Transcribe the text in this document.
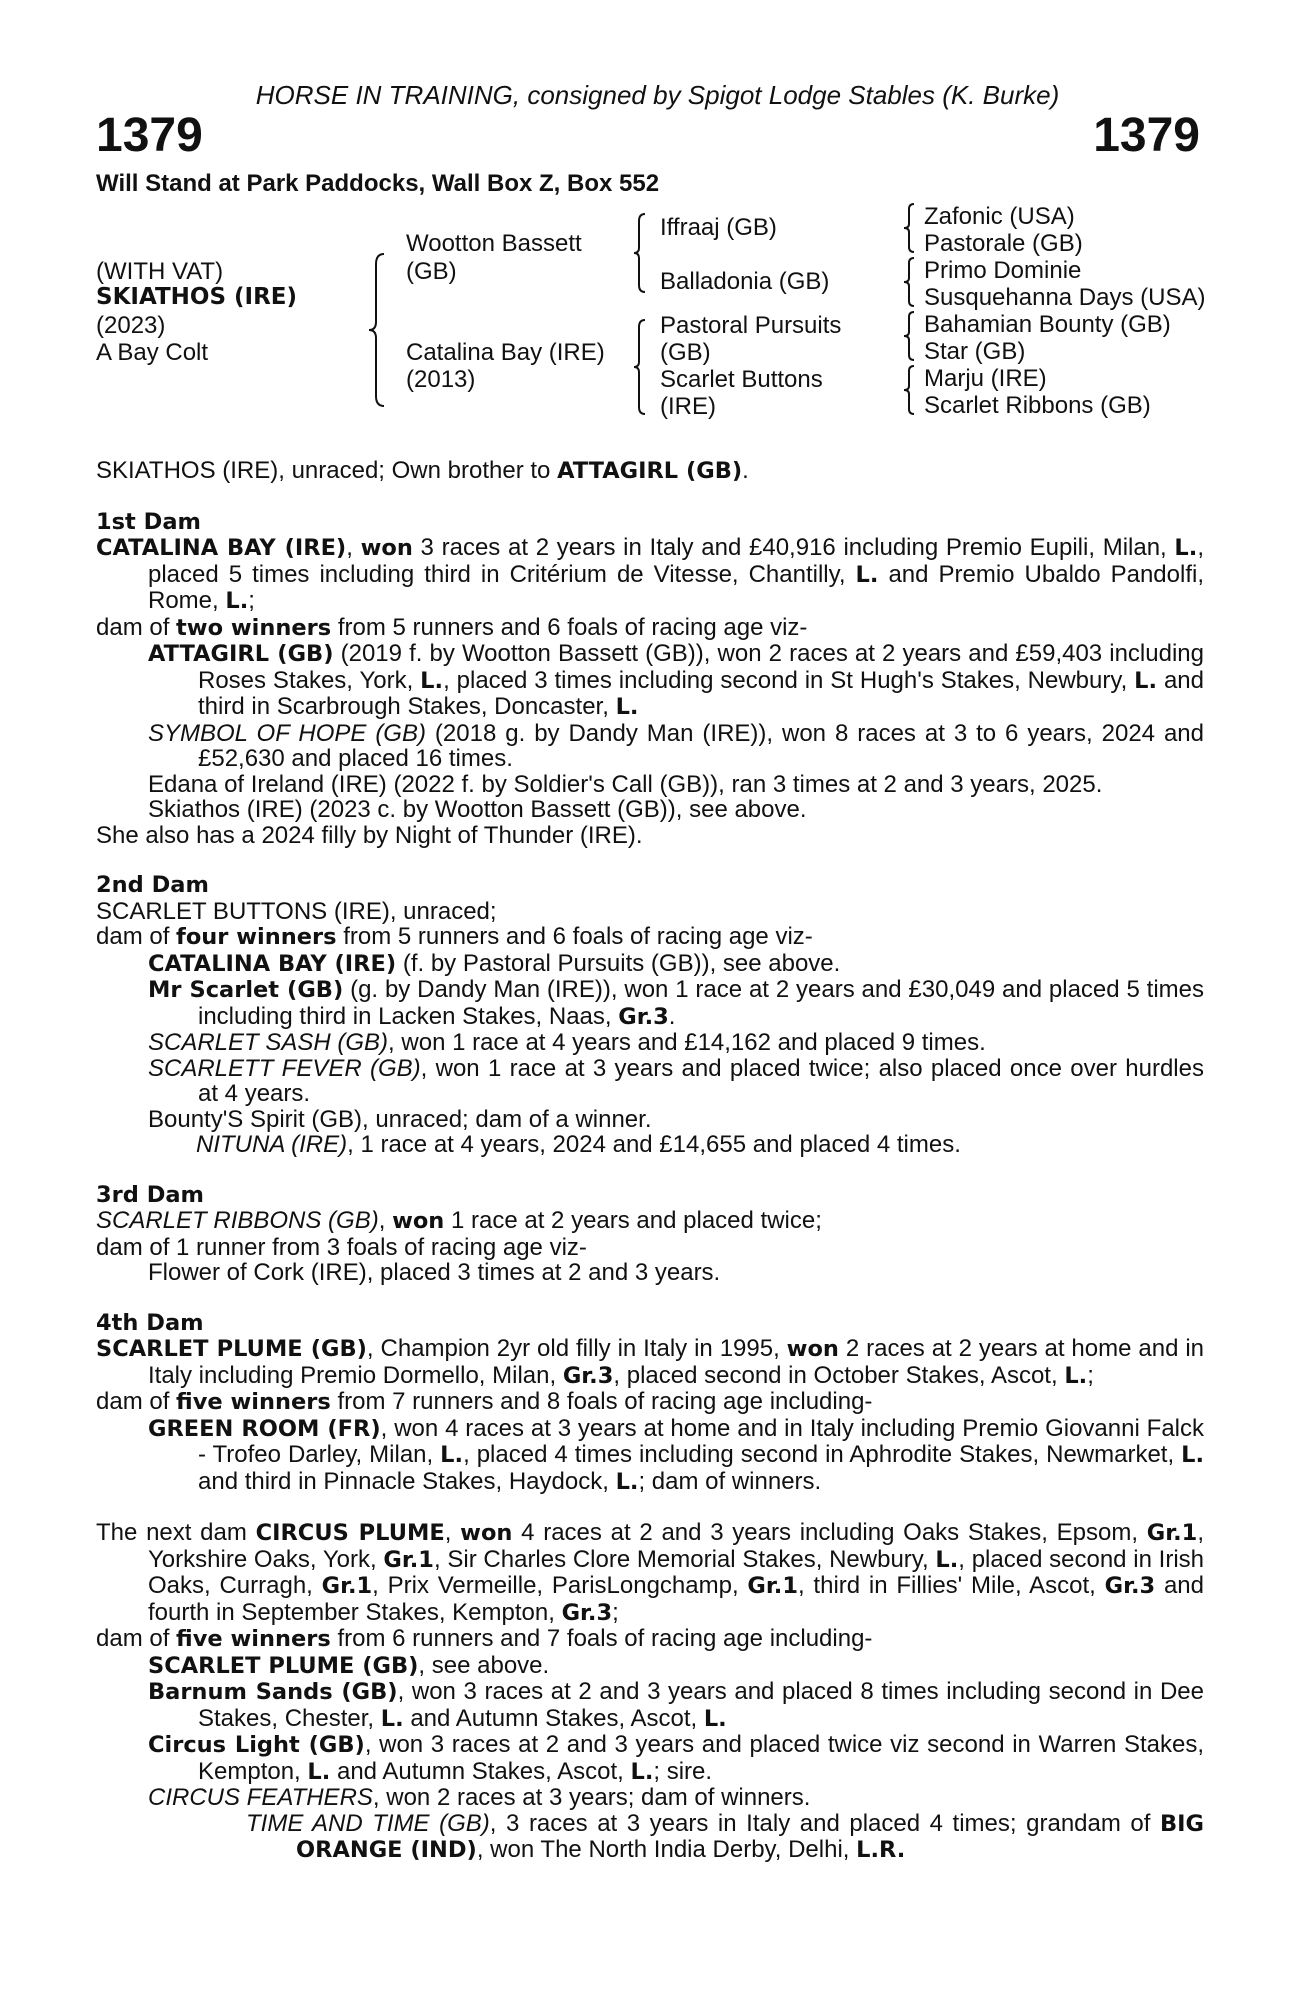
HORSE IN TRAINING, consigned by Spigot Lodge Stables (K. Burke)
1379	1379
Will Stand at Park Paddocks, Wall Box Z, Box 552
(WITH VAT)
SKIATHOS (IRE)
(2023)
A Bay Colt
Wootton Bassett
(GB)
Catalina Bay (IRE)
(2013)
Iffraaj (GB)
Balladonia (GB)
Pastoral Pursuits
(GB)
Scarlet Buttons
(IRE)
Zafonic (USA)
Pastorale (GB)
Primo Dominie
Susquehanna Days (USA)
Bahamian Bounty (GB)
Star (GB)
Marju (IRE)
Scarlet Ribbons (GB)

SKIATHOS (IRE), unraced; Own brother to ATTAGIRL (GB).

1st Dam

CATALINA BAY (IRE), won 3 races at 2 years in Italy and £40,916 including Premio Eupili, Milan, L., placed 5 times including third in Critérium de Vitesse, Chantilly, L. and Premio Ubaldo Pandolfi, Rome, L.;

dam of two winners from 5 runners and 6 foals of racing age viz-

ATTAGIRL (GB) (2019 f. by Wootton Bassett (GB)), won 2 races at 2 years and £59,403 including Roses Stakes, York, L., placed 3 times including second in St Hugh's Stakes, Newbury, L. and third in Scarbrough Stakes, Doncaster, L.

SYMBOL OF HOPE (GB) (2018 g. by Dandy Man (IRE)), won 8 races at 3 to 6 years, 2024 and £52,630 and placed 16 times.

Edana of Ireland (IRE) (2022 f. by Soldier's Call (GB)), ran 3 times at 2 and 3 years, 2025.

Skiathos (IRE) (2023 c. by Wootton Bassett (GB)), see above.

She also has a 2024 filly by Night of Thunder (IRE).

2nd Dam

SCARLET BUTTONS (IRE), unraced;

dam of four winners from 5 runners and 6 foals of racing age viz-

CATALINA BAY (IRE) (f. by Pastoral Pursuits (GB)), see above.

Mr Scarlet (GB) (g. by Dandy Man (IRE)), won 1 race at 2 years and £30,049 and placed 5 times including third in Lacken Stakes, Naas, Gr.3.

SCARLET SASH (GB), won 1 race at 4 years and £14,162 and placed 9 times.

SCARLETT FEVER (GB), won 1 race at 3 years and placed twice; also placed once over hurdles at 4 years.

Bounty'S Spirit (GB), unraced; dam of a winner.

NITUNA (IRE), 1 race at 4 years, 2024 and £14,655 and placed 4 times.

3rd Dam

SCARLET RIBBONS (GB), won 1 race at 2 years and placed twice;

dam of 1 runner from 3 foals of racing age viz-

Flower of Cork (IRE), placed 3 times at 2 and 3 years.

4th Dam

SCARLET PLUME (GB), Champion 2yr old filly in Italy in 1995, won 2 races at 2 years at home and in Italy including Premio Dormello, Milan, Gr.3, placed second in October Stakes, Ascot, L.;

dam of five winners from 7 runners and 8 foals of racing age including-

GREEN ROOM (FR), won 4 races at 3 years at home and in Italy including Premio Giovanni Falck - Trofeo Darley, Milan, L., placed 4 times including second in Aphrodite Stakes, Newmarket, L. and third in Pinnacle Stakes, Haydock, L.; dam of winners.

The next dam CIRCUS PLUME, won 4 races at 2 and 3 years including Oaks Stakes, Epsom, Gr.1, Yorkshire Oaks, York, Gr.1, Sir Charles Clore Memorial Stakes, Newbury, L., placed second in Irish Oaks, Curragh, Gr.1, Prix Vermeille, ParisLongchamp, Gr.1, third in Fillies' Mile, Ascot, Gr.3 and fourth in September Stakes, Kempton, Gr.3;

dam of five winners from 6 runners and 7 foals of racing age including-

SCARLET PLUME (GB), see above.

Barnum Sands (GB), won 3 races at 2 and 3 years and placed 8 times including second in Dee Stakes, Chester, L. and Autumn Stakes, Ascot, L.

Circus Light (GB), won 3 races at 2 and 3 years and placed twice viz second in Warren Stakes, Kempton, L. and Autumn Stakes, Ascot, L.; sire.

CIRCUS FEATHERS, won 2 races at 3 years; dam of winners.

TIME AND TIME (GB), 3 races at 3 years in Italy and placed 4 times; grandam of BIG ORANGE (IND), won The North India Derby, Delhi, L.R.
